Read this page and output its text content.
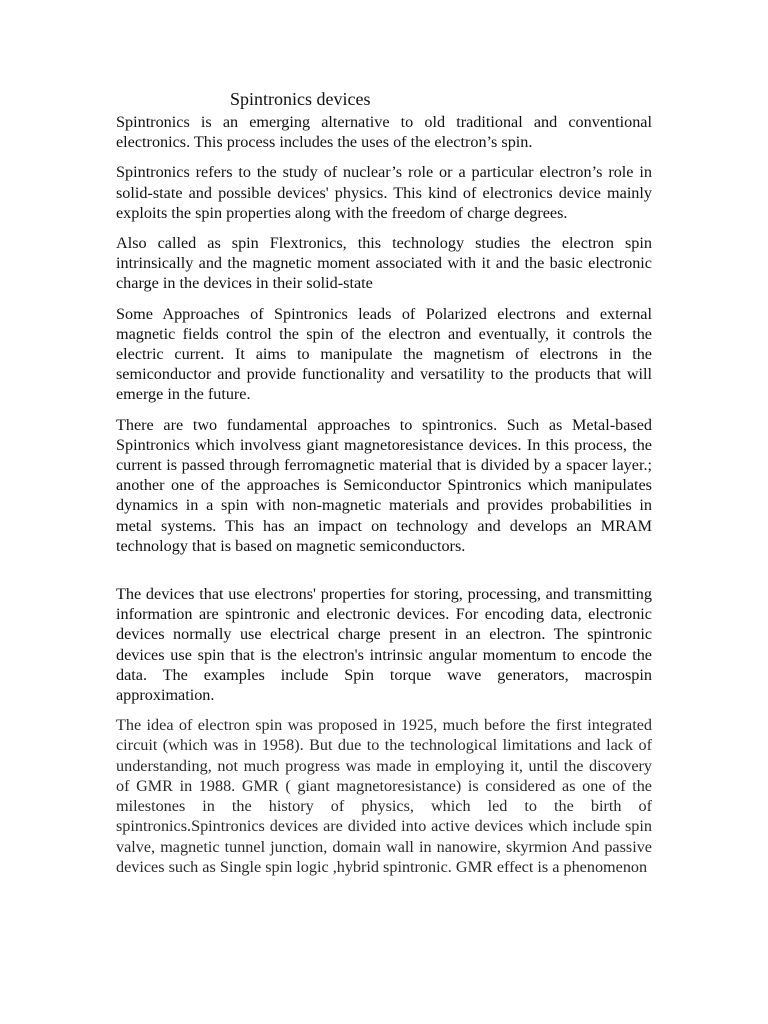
Spintronics devices

Spintronics is an emerging alternative to old traditional and conventional electronics. This process includes the uses of the electron’s spin.

Spintronics refers to the study of nuclear’s role or a particular electron’s role in solid-state and possible devices' physics. This kind of electronics device mainly exploits the spin properties along with the freedom of charge degrees.

Also called as spin Flextronics, this technology studies the electron spin intrinsically and the magnetic moment associated with it and the basic electronic charge in the devices in their solid-state

Some Approaches of Spintronics leads of Polarized electrons and external magnetic fields control the spin of the electron and eventually, it controls the electric current. It aims to manipulate the magnetism of electrons in the semiconductor and provide functionality and versatility to the products that will emerge in the future.

There are two fundamental approaches to spintronics. Such as Metal-based Spintronics which involvess giant magnetoresistance devices. In this process, the current is passed through ferromagnetic material that is divided by a spacer layer.; another one of the approaches is Semiconductor Spintronics which manipulates dynamics in a spin with non-magnetic materials and provides probabilities in metal systems. This has an impact on technology and develops an MRAM technology that is based on magnetic semiconductors.

The devices that use electrons' properties for storing, processing, and transmitting information are spintronic and electronic devices. For encoding data, electronic devices normally use electrical charge present in an electron. The spintronic devices use spin that is the electron's intrinsic angular momentum to encode the data. The examples include Spin torque wave generators, macrospin approximation.

The idea of electron spin was proposed in 1925, much before the first integrated circuit (which was in 1958). But due to the technological limitations and lack of understanding, not much progress was made in employing it, until the discovery of GMR in 1988. GMR ( giant magnetoresistance) is considered as one of the milestones in the history of physics, which led to the birth of spintronics.Spintronics devices are divided into active devices which include spin valve, magnetic tunnel junction, domain wall in nanowire, skyrmion And passive devices such as Single spin logic ,hybrid spintronic. GMR effect is a phenomenon
